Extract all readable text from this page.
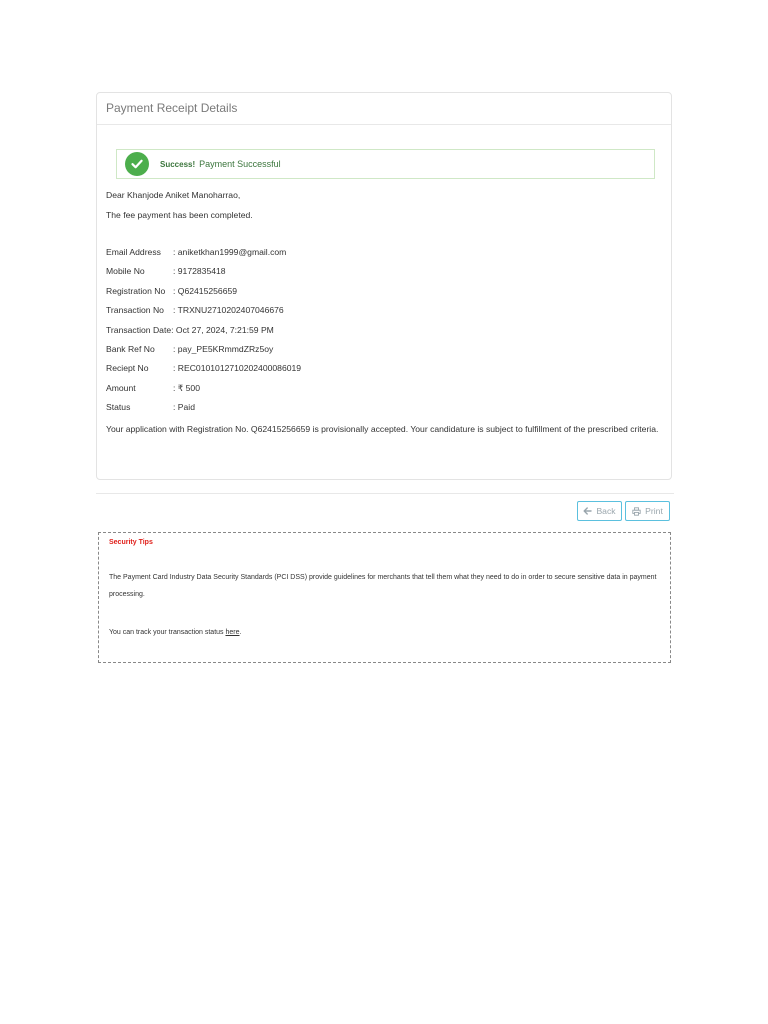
Payment Receipt Details
Success! Payment Successful
Dear Khanjode Aniket Manoharrao,
The fee payment has been completed.
Email Address : aniketkhan1999@gmail.com
Mobile No	: 9172835418
Registration No : Q62415256659
Transaction No : TRXNU2710202407046676
Transaction Date: Oct 27, 2024, 7:21:59 PM
Bank Ref No : pay_PE5KRmmdZRz5oy
Reciept No	: REC0101012710202400086019
Amount	: ₹ 500
Status	: Paid
Your application with Registration No. Q62415256659 is provisionally accepted. Your candidature is subject to fulfillment of the prescribed criteria.
Back	Print
Security Tips
The Payment Card Industry Data Security Standards (PCI DSS) provide guidelines for merchants that tell them what they need to do in order to secure sensitive data in payment processing.
You can track your transaction status here.
